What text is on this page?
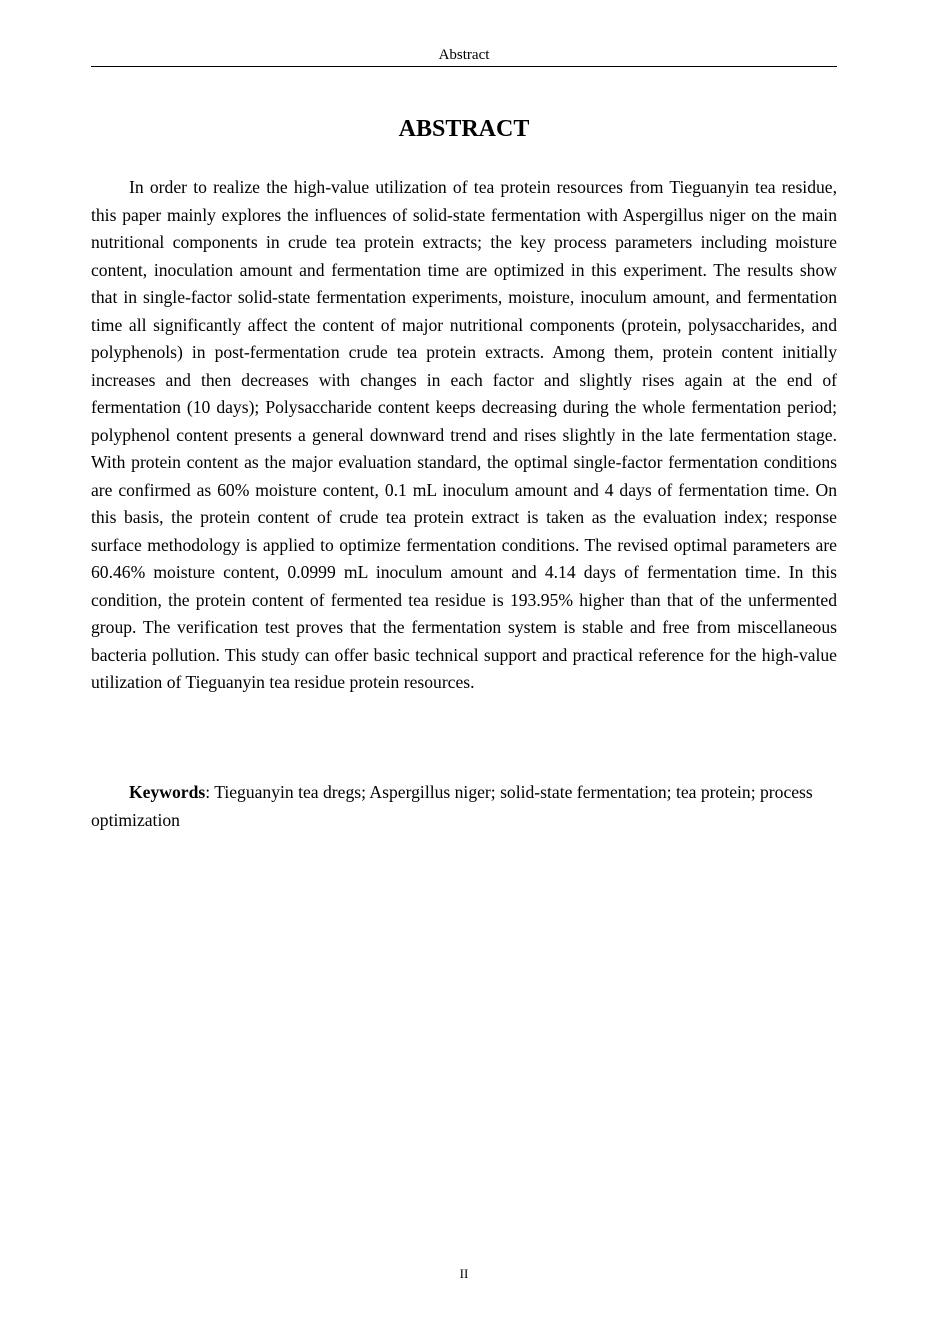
Abstract
ABSTRACT

In order to realize the high-value utilization of tea protein resources from Tieguanyin tea residue, this paper mainly explores the influences of solid-state fermentation with Aspergillus niger on the main nutritional components in crude tea protein extracts; the key process parameters including moisture content, inoculation amount and fermentation time are optimized in this experiment. The results show that in single-factor solid-state fermentation experiments, moisture, inoculum amount, and fermentation time all significantly affect the content of major nutritional components (protein, polysaccharides, and polyphenols) in post-fermentation crude tea protein extracts. Among them, protein content initially increases and then decreases with changes in each factor and slightly rises again at the end of fermentation (10 days); Polysaccharide content keeps decreasing during the whole fermentation period; polyphenol content presents a general downward trend and rises slightly in the late fermentation stage. With protein content as the major evaluation standard, the optimal single-factor fermentation conditions are confirmed as 60% moisture content, 0.1 mL inoculum amount and 4 days of fermentation time. On this basis, the protein content of crude tea protein extract is taken as the evaluation index; response surface methodology is applied to optimize fermentation conditions. The revised optimal parameters are 60.46% moisture content, 0.0999 mL inoculum amount and 4.14 days of fermentation time. In this condition, the protein content of fermented tea residue is 193.95% higher than that of the unfermented group. The verification test proves that the fermentation system is stable and free from miscellaneous bacteria pollution. This study can offer basic technical support and practical reference for the high-value utilization of Tieguanyin tea residue protein resources.

Keywords: Tieguanyin tea dregs; Aspergillus niger; solid-state fermentation; tea protein; process optimization

II
